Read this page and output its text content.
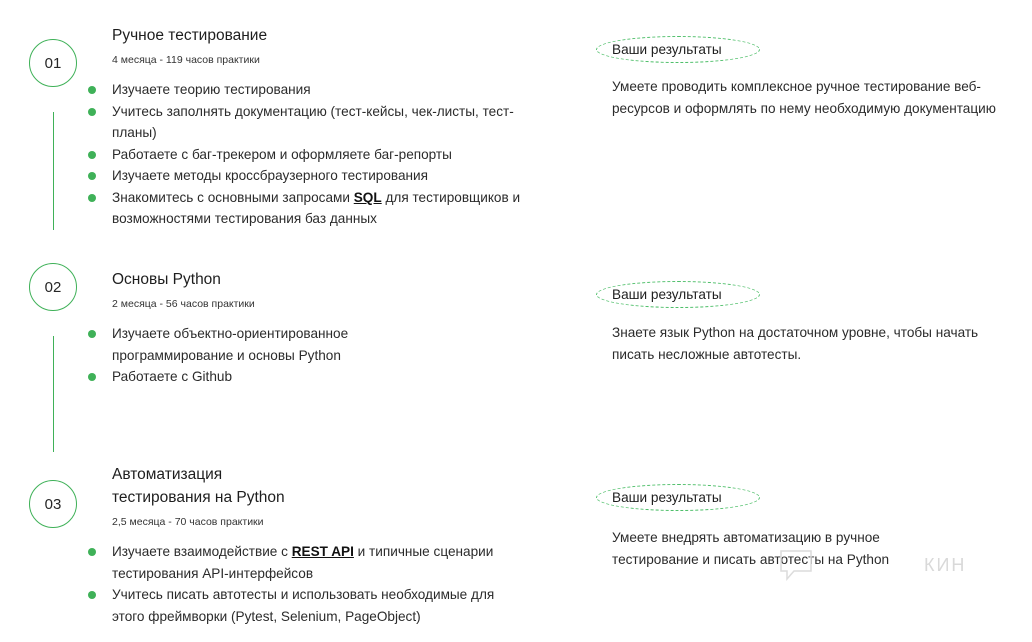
01
Ручное тестирование
4 месяца - 119 часов практики
Изучаете теорию тестирования
Учитесь заполнять документацию (тест-кейсы, чек-листы, тест-планы)
Работаете с баг-трекером и оформляете баг-репорты
Изучаете методы кроссбраузерного тестирования
Знакомитесь с основными запросами SQL для тестировщиков и возможностями тестирования баз данных
Ваши результаты
Умеете проводить комплексное ручное тестирование веб-ресурсов и оформлять по нему необходимую документацию
02	Основы Python
2 месяца - 56 часов практики
Изучаете объектно-ориентированное программирование и основы Python
Работаете с Github
Ваши результаты
Знаете язык Python на достаточном уровне, чтобы начать писать несложные автотесты.
03
Автоматизация
тестирования на Python
2,5 месяца - 70 часов практики
Изучаете взаимодействие с REST API и типичные сценарии тестирования API-интерфейсов
Учитесь писать автотесты и использовать необходимые для этого фреймворки (Pytest, Selenium, PageObject)
Ваши результаты
Умеете внедрять автоматизацию в ручное тестирование и писать автотесты на Python	КИН
